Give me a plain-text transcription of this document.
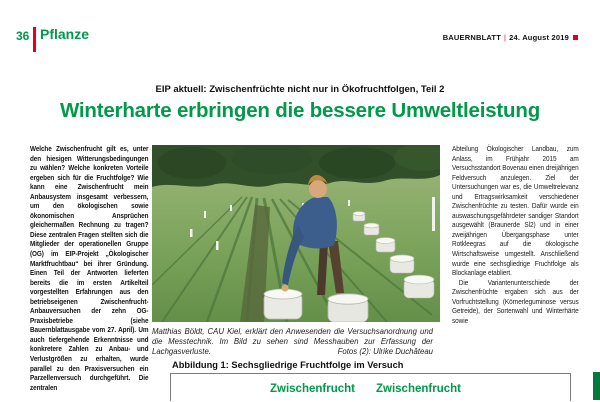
36 Pflanze	BAUERNBLATT | 24. August 2019
EIP aktuell: Zwischenfrüchte nicht nur in Ökofruchtfolgen, Teil 2
Winterharte erbringen die bessere Umweltleistung
Welche Zwischenfrucht gilt es, unter den hiesigen Witterungsbedingungen zu wählen? Welche konkreten Vorteile ergeben sich für die Fruchtfolge? Wie kann eine Zwischenfrucht mein Anbausystem insgesamt verbessern, um den ökologischen sowie ökonomischen Ansprüchen gleichermaßen Rechnung zu tragen? Diese zentralen Fragen stellten sich die Mitglieder der operationellen Gruppe (OG) im EIP-Projekt „Ökologischer Marktfruchtbau“ bei ihrer Gründung. Einen Teil der Antworten lieferten bereits die im ersten Artikelteil vorgestellten Erfahrungen aus den betriebseigenen Zwischenfrucht-Anbauversuchen der zehn OG-Praxisbetriebe (siehe Bauernblattausgabe vom 27. April). Um auch tiefergehende Erkenntnisse und konkretere Zahlen zu Anbau- und Verlustgrößen zu erhalten, wurde parallel zu den Praxisversuchen ein Parzellenversuch durchgeführt. Die zentralen
Matthias Böldt, CAU Kiel, erklärt den Anwesenden die Versuchsanordnung und die Messtechnik. Im Bild zu sehen sind Messhauben zur Erfassung der Lachgasverluste.	Fotos (2): Ulrike Duchâteau

Abteilung Ökologischer Landbau, zum Anlass, im Frühjahr 2015 am Versuchsstandort Bovenau einen dreijährigen Feldversuch anzulegen. Ziel der Untersuchungen war es, die Umweltrelevanz und Ertragswirksamkeit verschiedener Zwischenfrüchte zu testen. Dafür wurde ein auswaschungsgefährdeter sandiger Standort ausgewählt (Braunerde Sl2) und in einer zweijährigen Übergangsphase unter Rotkleegras auf die ökologische Wirtschaftsweise umgestellt. Anschließend wurde eine sechsgliedrige Fruchtfolge als Blockanlage etabliert.

Die Variantenunterschiede der Zwischenfrüchte ergaben sich aus der Vorfruchtstellung (Körnerleguminose versus Getreide), der Sortenwahl und Winterhärte sowie

Abbildung 1: Sechsgliedrige Fruchtfolge im Versuch
Zwischenfrucht Zwischenfrucht
